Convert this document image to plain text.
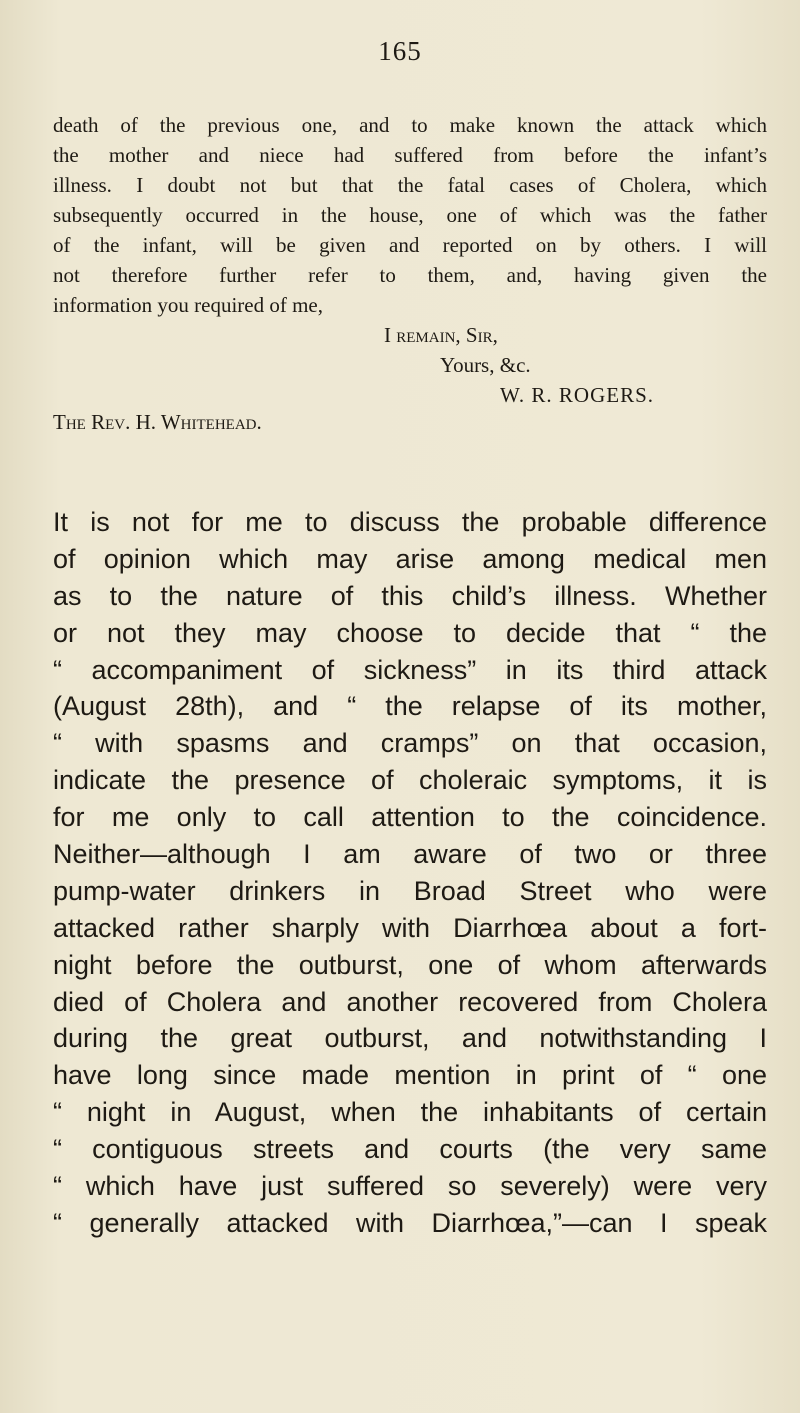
165
death of the previous one, and to make known the attack which
the mother and niece had suffered from before the infant’s
illness. I doubt not but that the fatal cases of Cholera, which
subsequently occurred in the house, one of which was the father
of the infant, will be given and reported on by others. I will
not therefore further refer to them, and, having given the
information you required of me,
I remain, Sir,
Yours, &c.
W. R. ROGERS.
The Rev. H. Whitehead.
It is not for me to discuss the probable difference
of opinion which may arise among medical men
as to the nature of this child’s illness. Whether
or not they may choose to decide that “ the
“ accompaniment of sickness” in its third attack
(August 28th), and “ the relapse of its mother,
“ with spasms and cramps” on that occasion,
indicate the presence of choleraic symptoms, it is
for me only to call attention to the coincidence.
Neither—although I am aware of two or three
pump-water drinkers in Broad Street who were
attacked rather sharply with Diarrhœa about a fort-
night before the outburst, one of whom afterwards
died of Cholera and another recovered from Cholera
during the great outburst, and notwithstanding I
have long since made mention in print of “ one
“ night in August, when the inhabitants of certain
“ contiguous streets and courts (the very same
“ which have just suffered so severely) were very
“ generally attacked with Diarrhœa,”—can I speak
